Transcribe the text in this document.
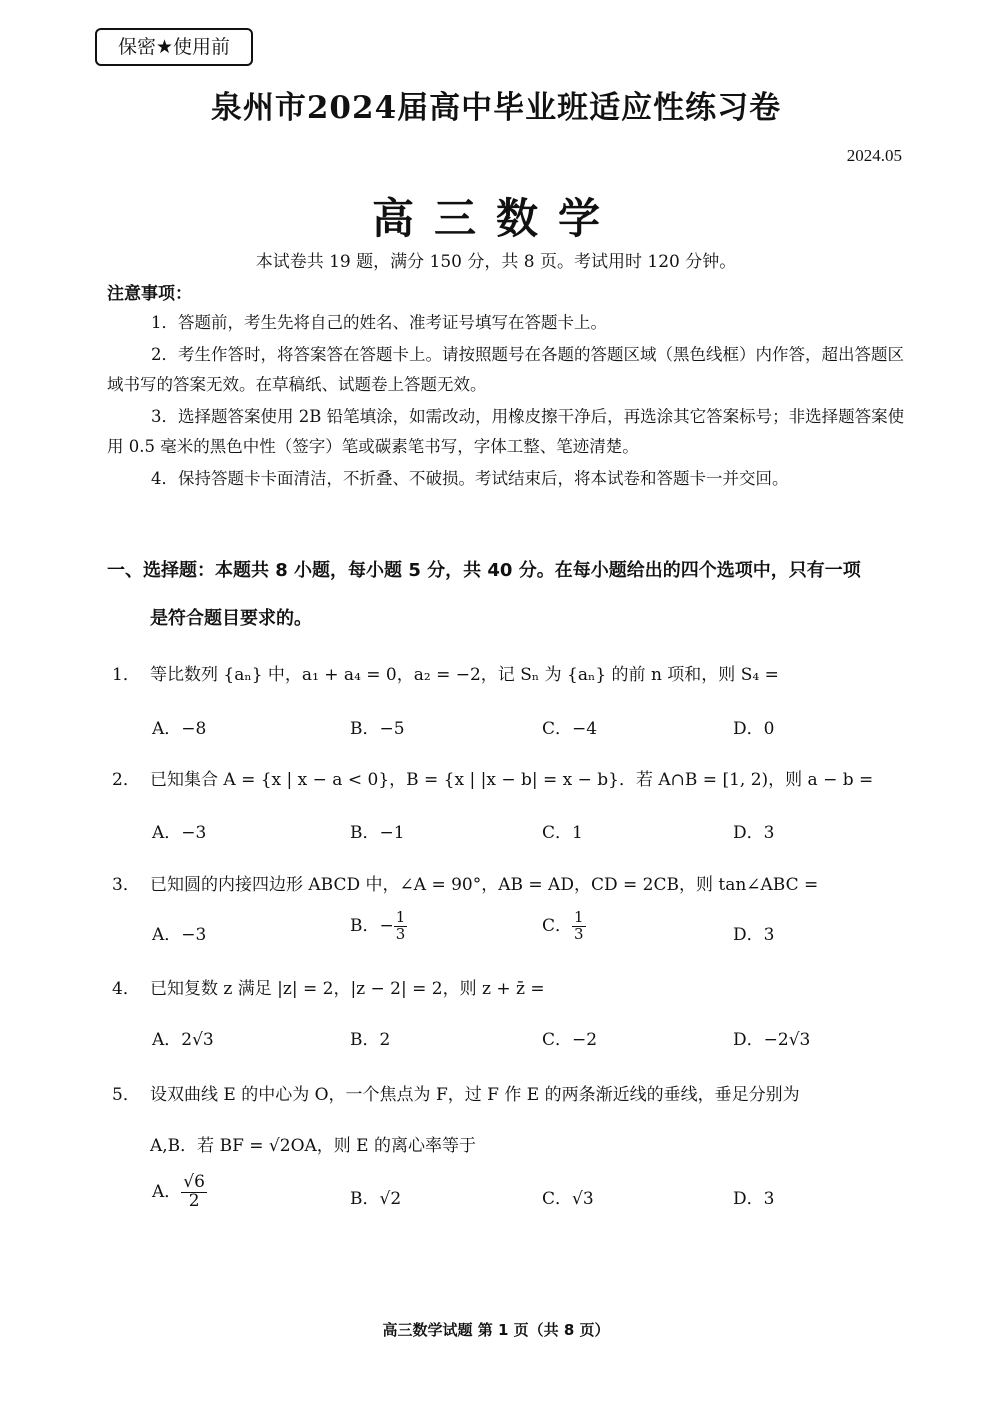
保密★使用前
泉州市2024届高中毕业班适应性练习卷
2024.05
高三数学
本试卷共 19 题，满分 150 分，共 8 页。考试用时 120 分钟。
注意事项：
1．答题前，考生先将自己的姓名、准考证号填写在答题卡上。
2．考生作答时，将答案答在答题卡上。请按照题号在各题的答题区域（黑色线框）内作答，超出答题区域书写的答案无效。在草稿纸、试题卷上答题无效。
3．选择题答案使用 2B 铅笔填涂，如需改动，用橡皮擦干净后，再选涂其它答案标号；非选择题答案使用 0.5 毫米的黑色中性（签字）笔或碳素笔书写，字体工整、笔迹清楚。
4．保持答题卡卡面清洁，不折叠、不破损。考试结束后，将本试卷和答题卡一并交回。
一、选择题：本题共 8 小题，每小题 5 分，共 40 分。在每小题给出的四个选项中，只有一项
是符合题目要求的。
1． 等比数列 {aₙ} 中，a₁ + a₄ = 0，a₂ = −2，记 Sₙ 为 {aₙ} 的前 n 项和，则 S₄ =
A．−8	B．−5	C．−4	D．0
2． 已知集合 A = {x | x − a < 0}，B = {x | |x − b| = x − b}．若 A∩B = [1, 2)，则 a − b =
A．−3	B．−1	C．1	D．3
3． 已知圆的内接四边形 ABCD 中，∠A = 90°，AB = AD，CD = 2CB，则 tan∠ABC =
A．−3	B．− $\frac{1}{3}$	C． $\frac{1}{3}$	D．3
4． 已知复数 z 满足 |z| = 2，|z − 2| = 2，则 z + z̄ =
A．2√3	B．2	C．−2	D．−2√3
5． 设双曲线 E 的中心为 O，一个焦点为 F，过 F 作 E 的两条渐近线的垂线，垂足分别为
A,B．若 BF = √2OA，则 E 的离心率等于
A． $\frac{√6}{2}$	B．√2	C．√3	D．3
高三数学试题 第 1 页（共 8 页）
